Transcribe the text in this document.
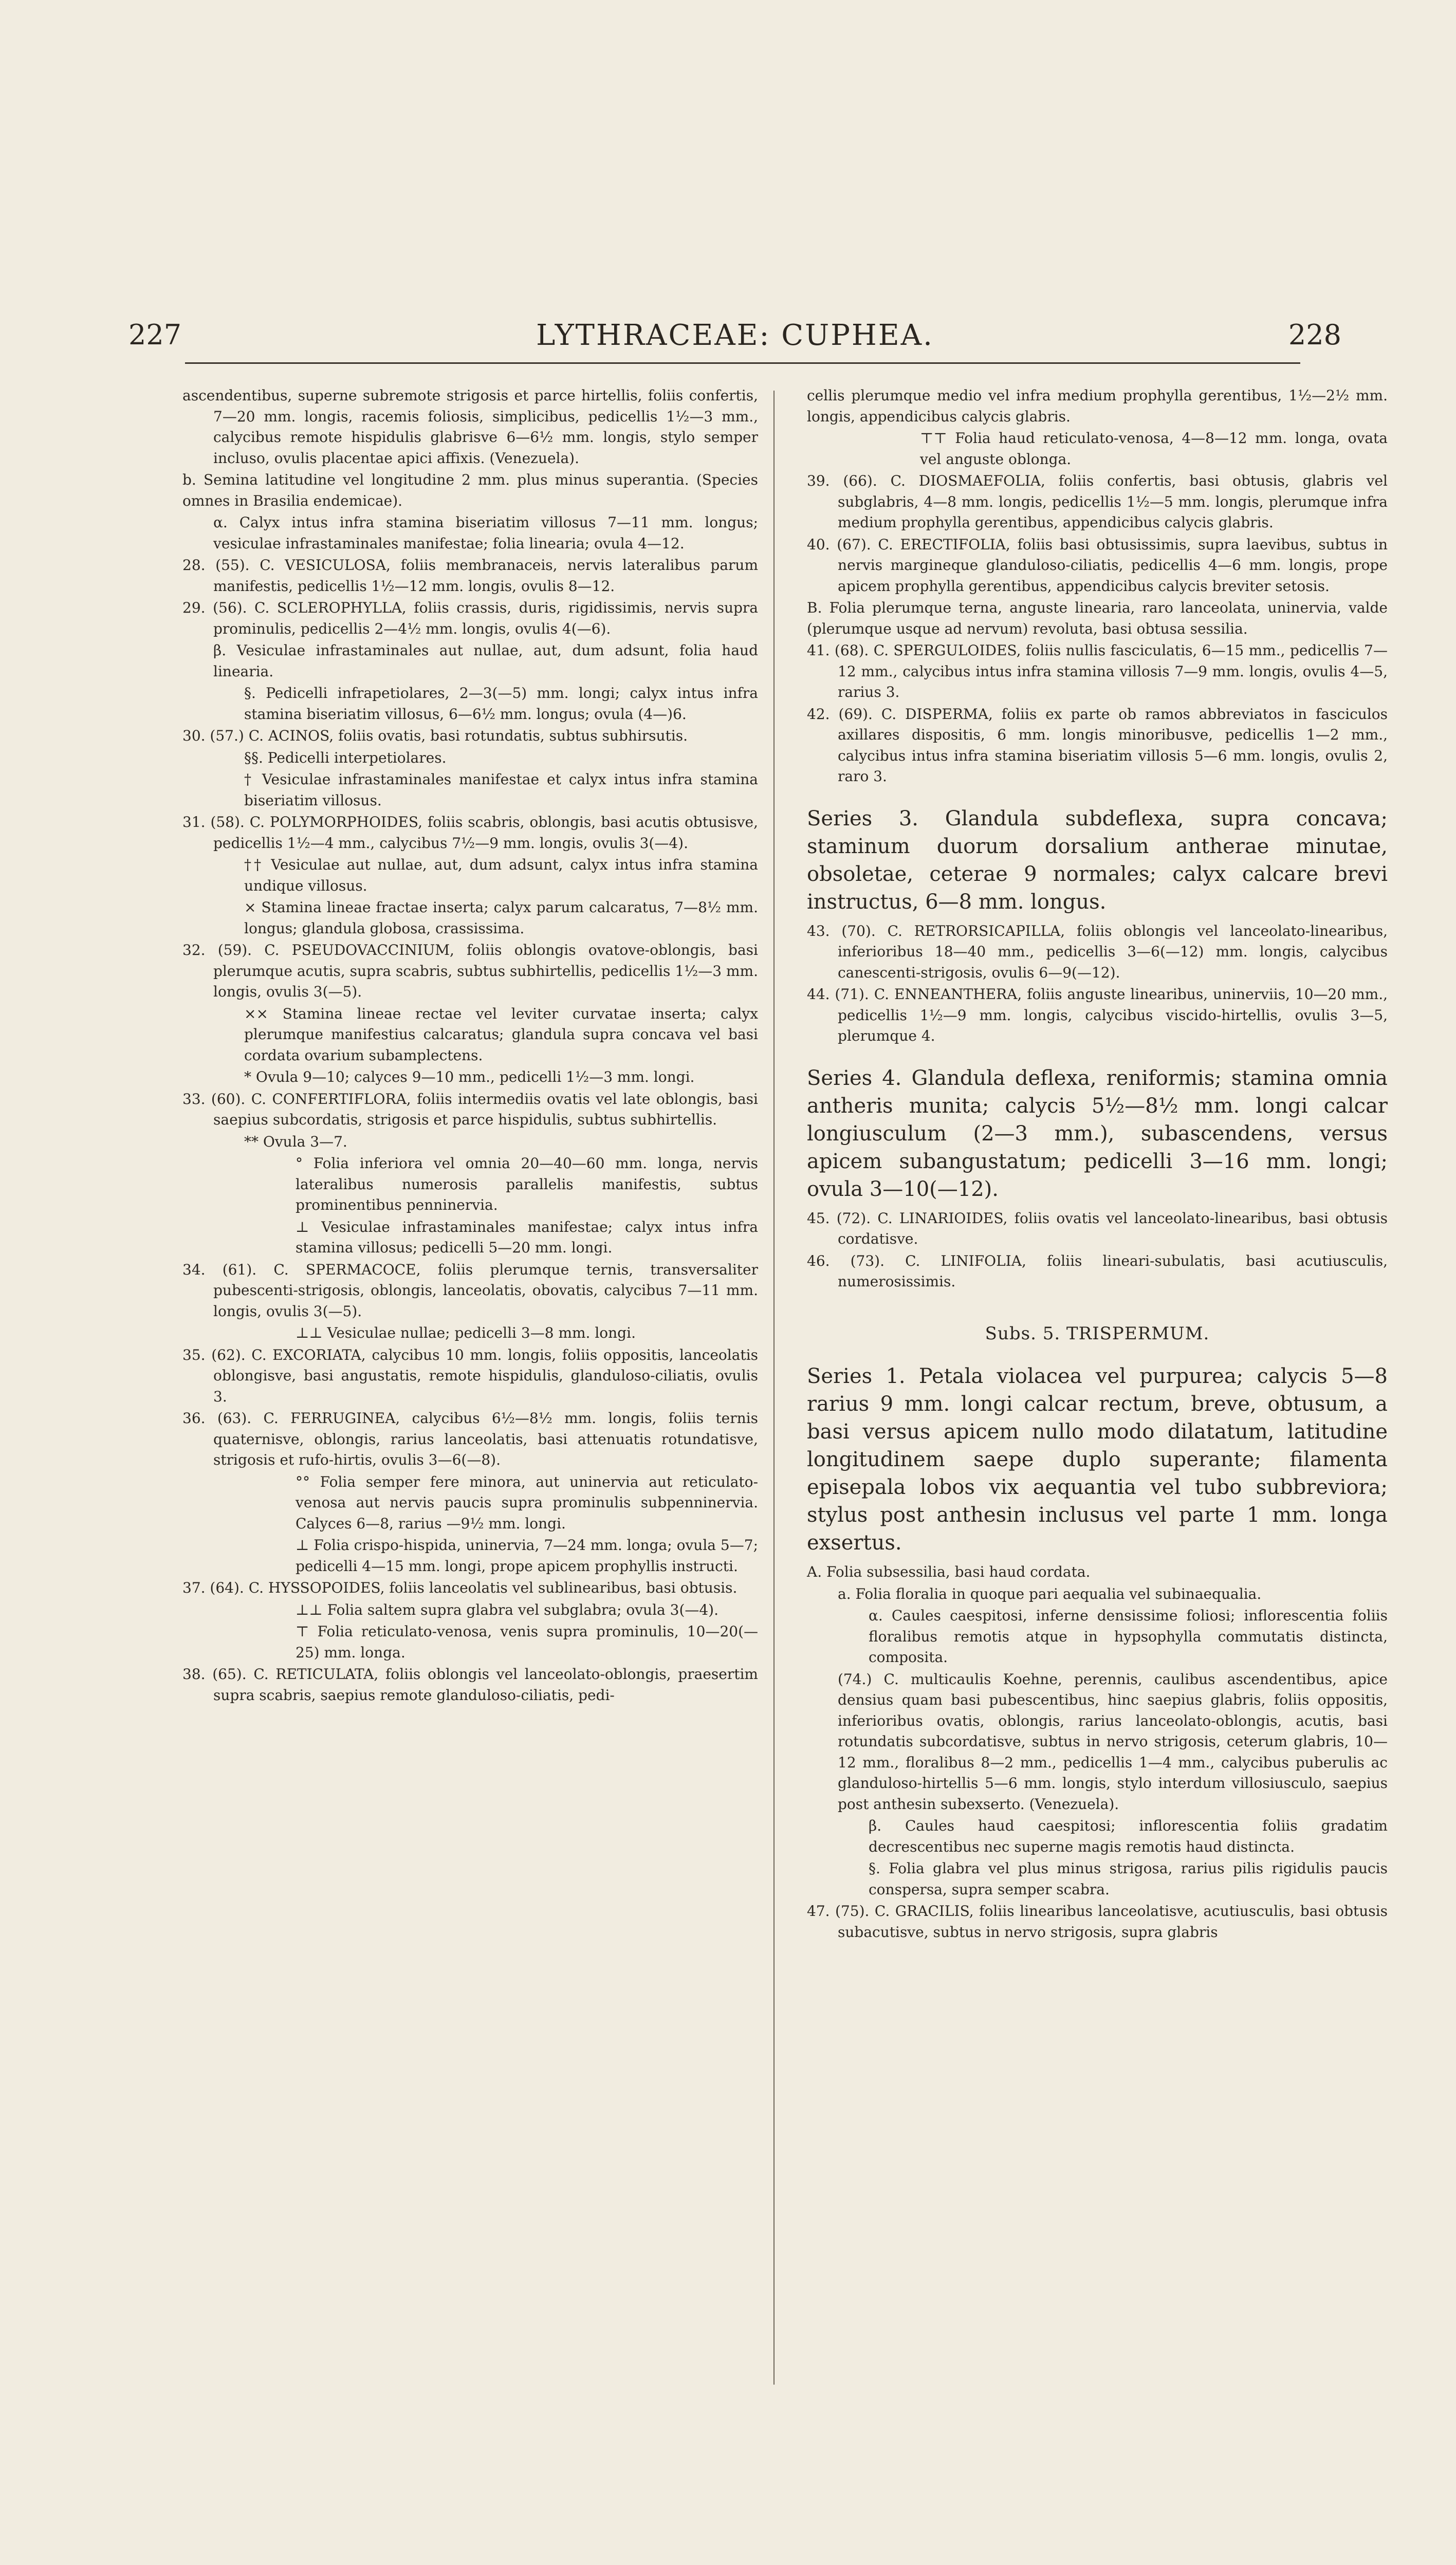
227	LYTHRACEAE: CUPHEA.	228

ascendentibus, superne subremote strigosis et parce hirtellis, foliis confertis, 7—20 mm. longis, racemis foliosis, simplicibus, pedicellis 1½—3 mm., calycibus remote hispidulis glabrisve 6—6½ mm. longis, stylo semper incluso, ovulis placentae apici affixis. (Venezuela).

b. Semina latitudine vel longitudine 2 mm. plus minus superantia. (Species omnes in Brasilia endemicae).

α. Calyx intus infra stamina biseriatim villosus 7—11 mm. longus; vesiculae infrastaminales manifestae; folia linearia; ovula 4—12.

28. (55). C. VESICULOSA, foliis membranaceis, nervis lateralibus parum manifestis, pedicellis 1½—12 mm. longis, ovulis 8—12.

29. (56). C. SCLEROPHYLLA, foliis crassis, duris, rigidissimis, nervis supra prominulis, pedicellis 2—4½ mm. longis, ovulis 4(—6).

β. Vesiculae infrastaminales aut nullae, aut, dum adsunt, folia haud linearia.

§. Pedicelli infrapetiolares, 2—3(—5) mm. longi; calyx intus infra stamina biseriatim villosus, 6—6½ mm. longus; ovula (4—)6.

30. (57.) C. ACINOS, foliis ovatis, basi rotundatis, subtus subhirsutis.

§§. Pedicelli interpetiolares.

† Vesiculae infrastaminales manifestae et calyx intus infra stamina biseriatim villosus.

31. (58). C. POLYMORPHOIDES, foliis scabris, oblongis, basi acutis obtusisve, pedicellis 1½—4 mm., calycibus 7½—9 mm. longis, ovulis 3(—4).

†† Vesiculae aut nullae, aut, dum adsunt, calyx intus infra stamina undique villosus.

× Stamina lineae fractae inserta; calyx parum calcaratus, 7—8½ mm. longus; glandula globosa, crassissima.

32. (59). C. PSEUDOVACCINIUM, foliis oblongis ovatove-oblongis, basi plerumque acutis, supra scabris, subtus subhirtellis, pedicellis 1½—3 mm. longis, ovulis 3(—5).

×× Stamina lineae rectae vel leviter curvatae inserta; calyx plerumque manifestius calcaratus; glandula supra concava vel basi cordata ovarium subamplectens.

* Ovula 9—10; calyces 9—10 mm., pedicelli 1½—3 mm. longi.

33. (60). C. CONFERTIFLORA, foliis intermediis ovatis vel late oblongis, basi saepius subcordatis, strigosis et parce hispidulis, subtus subhirtellis.

** Ovula 3—7.

° Folia inferiora vel omnia 20—40—60 mm. longa, nervis lateralibus numerosis parallelis manifestis, subtus prominentibus penninervia.

⊥ Vesiculae infrastaminales manifestae; calyx intus infra stamina villosus; pedicelli 5—20 mm. longi.

34. (61). C. SPERMACOCE, foliis plerumque ternis, transversaliter pubescenti-strigosis, oblongis, lanceolatis, obovatis, calycibus 7—11 mm. longis, ovulis 3(—5).

⊥⊥ Vesiculae nullae; pedicelli 3—8 mm. longi.

35. (62). C. EXCORIATA, calycibus 10 mm. longis, foliis oppositis, lanceolatis oblongisve, basi angustatis, remote hispidulis, glanduloso-ciliatis, ovulis 3.

36. (63). C. FERRUGINEA, calycibus 6½—8½ mm. longis, foliis ternis quaternisve, oblongis, rarius lanceolatis, basi attenuatis rotundatisve, strigosis et rufo-hirtis, ovulis 3—6(—8).

°° Folia semper fere minora, aut uninervia aut reticulato-venosa aut nervis paucis supra prominulis subpenninervia. Calyces 6—8, rarius —9½ mm. longi.

⊥ Folia crispo-hispida, uninervia, 7—24 mm. longa; ovula 5—7; pedicelli 4—15 mm. longi, prope apicem prophyllis instructi.

37. (64). C. HYSSOPOIDES, foliis lanceolatis vel sublinearibus, basi obtusis.

⊥⊥ Folia saltem supra glabra vel subglabra; ovula 3(—4).

⊤ Folia reticulato-venosa, venis supra prominulis, 10—20(—25) mm. longa.

38. (65). C. RETICULATA, foliis oblongis vel lanceolato-oblongis, praesertim supra scabris, saepius remote glanduloso-ciliatis, pedi-

cellis plerumque medio vel infra medium prophylla gerentibus, 1½—2½ mm. longis, appendicibus calycis glabris.

⊤⊤ Folia haud reticulato-venosa, 4—8—12 mm. longa, ovata vel anguste oblonga.

39. (66). C. DIOSMAEFOLIA, foliis confertis, basi obtusis, glabris vel subglabris, 4—8 mm. longis, pedicellis 1½—5 mm. longis, plerumque infra medium prophylla gerentibus, appendicibus calycis glabris.

40. (67). C. ERECTIFOLIA, foliis basi obtusissimis, supra laevibus, subtus in nervis margineque glanduloso-ciliatis, pedicellis 4—6 mm. longis, prope apicem prophylla gerentibus, appendicibus calycis breviter setosis.

B. Folia plerumque terna, anguste linearia, raro lanceolata, uninervia, valde (plerumque usque ad nervum) revoluta, basi obtusa sessilia.

41. (68). C. SPERGULOIDES, foliis nullis fasciculatis, 6—15 mm., pedicellis 7—12 mm., calycibus intus infra stamina villosis 7—9 mm. longis, ovulis 4—5, rarius 3.

42. (69). C. DISPERMA, foliis ex parte ob ramos abbreviatos in fasciculos axillares dispositis, 6 mm. longis minoribusve, pedicellis 1—2 mm., calycibus intus infra stamina biseriatim villosis 5—6 mm. longis, ovulis 2, raro 3.

Series 3. Glandula subdeflexa, supra concava; staminum duorum dorsalium antherae minutae, obsoletae, ceterae 9 normales; calyx calcare brevi instructus, 6—8 mm. longus.

43. (70). C. RETRORSICAPILLA, foliis oblongis vel lanceolato-linearibus, inferioribus 18—40 mm., pedicellis 3—6(—12) mm. longis, calycibus canescenti-strigosis, ovulis 6—9(—12).

44. (71). C. ENNEANTHERA, foliis anguste linearibus, uninerviis, 10—20 mm., pedicellis 1½—9 mm. longis, calycibus viscido-hirtellis, ovulis 3—5, plerumque 4.

Series 4. Glandula deflexa, reniformis; stamina omnia antheris munita; calycis 5½—8½ mm. longi calcar longiusculum (2—3 mm.), subascendens, versus apicem subangustatum; pedicelli 3—16 mm. longi; ovula 3—10(—12).

45. (72). C. LINARIOIDES, foliis ovatis vel lanceolato-linearibus, basi obtusis cordatisve.

46. (73). C. LINIFOLIA, foliis lineari-subulatis, basi acutiusculis, numerosissimis.

Subs. 5. TRISPERMUM.

Series 1. Petala violacea vel purpurea; calycis 5—8 rarius 9 mm. longi calcar rectum, breve, obtusum, a basi versus apicem nullo modo dilatatum, latitudine longitudinem saepe duplo superante; filamenta episepala lobos vix aequantia vel tubo subbreviora; stylus post anthesin inclusus vel parte 1 mm. longa exsertus.

A. Folia subsessilia, basi haud cordata.

a. Folia floralia in quoque pari aequalia vel subinaequalia.

α. Caules caespitosi, inferne densissime foliosi; inflorescentia foliis floralibus remotis atque in hypsophylla commutatis distincta, composita.

(74.) C. multicaulis Koehne, perennis, caulibus ascendentibus, apice densius quam basi pubescentibus, hinc saepius glabris, foliis oppositis, inferioribus ovatis, oblongis, rarius lanceolato-oblongis, acutis, basi rotundatis subcordatisve, subtus in nervo strigosis, ceterum glabris, 10—12 mm., floralibus 8—2 mm., pedicellis 1—4 mm., calycibus puberulis ac glanduloso-hirtellis 5—6 mm. longis, stylo interdum villosiusculo, saepius post anthesin subexserto. (Venezuela).

β. Caules haud caespitosi; inflorescentia foliis gradatim decrescentibus nec superne magis remotis haud distincta.

§. Folia glabra vel plus minus strigosa, rarius pilis rigidulis paucis conspersa, supra semper scabra.

47. (75). C. GRACILIS, foliis linearibus lanceolatisve, acutiusculis, basi obtusis subacutisve, subtus in nervo strigosis, supra glabris
